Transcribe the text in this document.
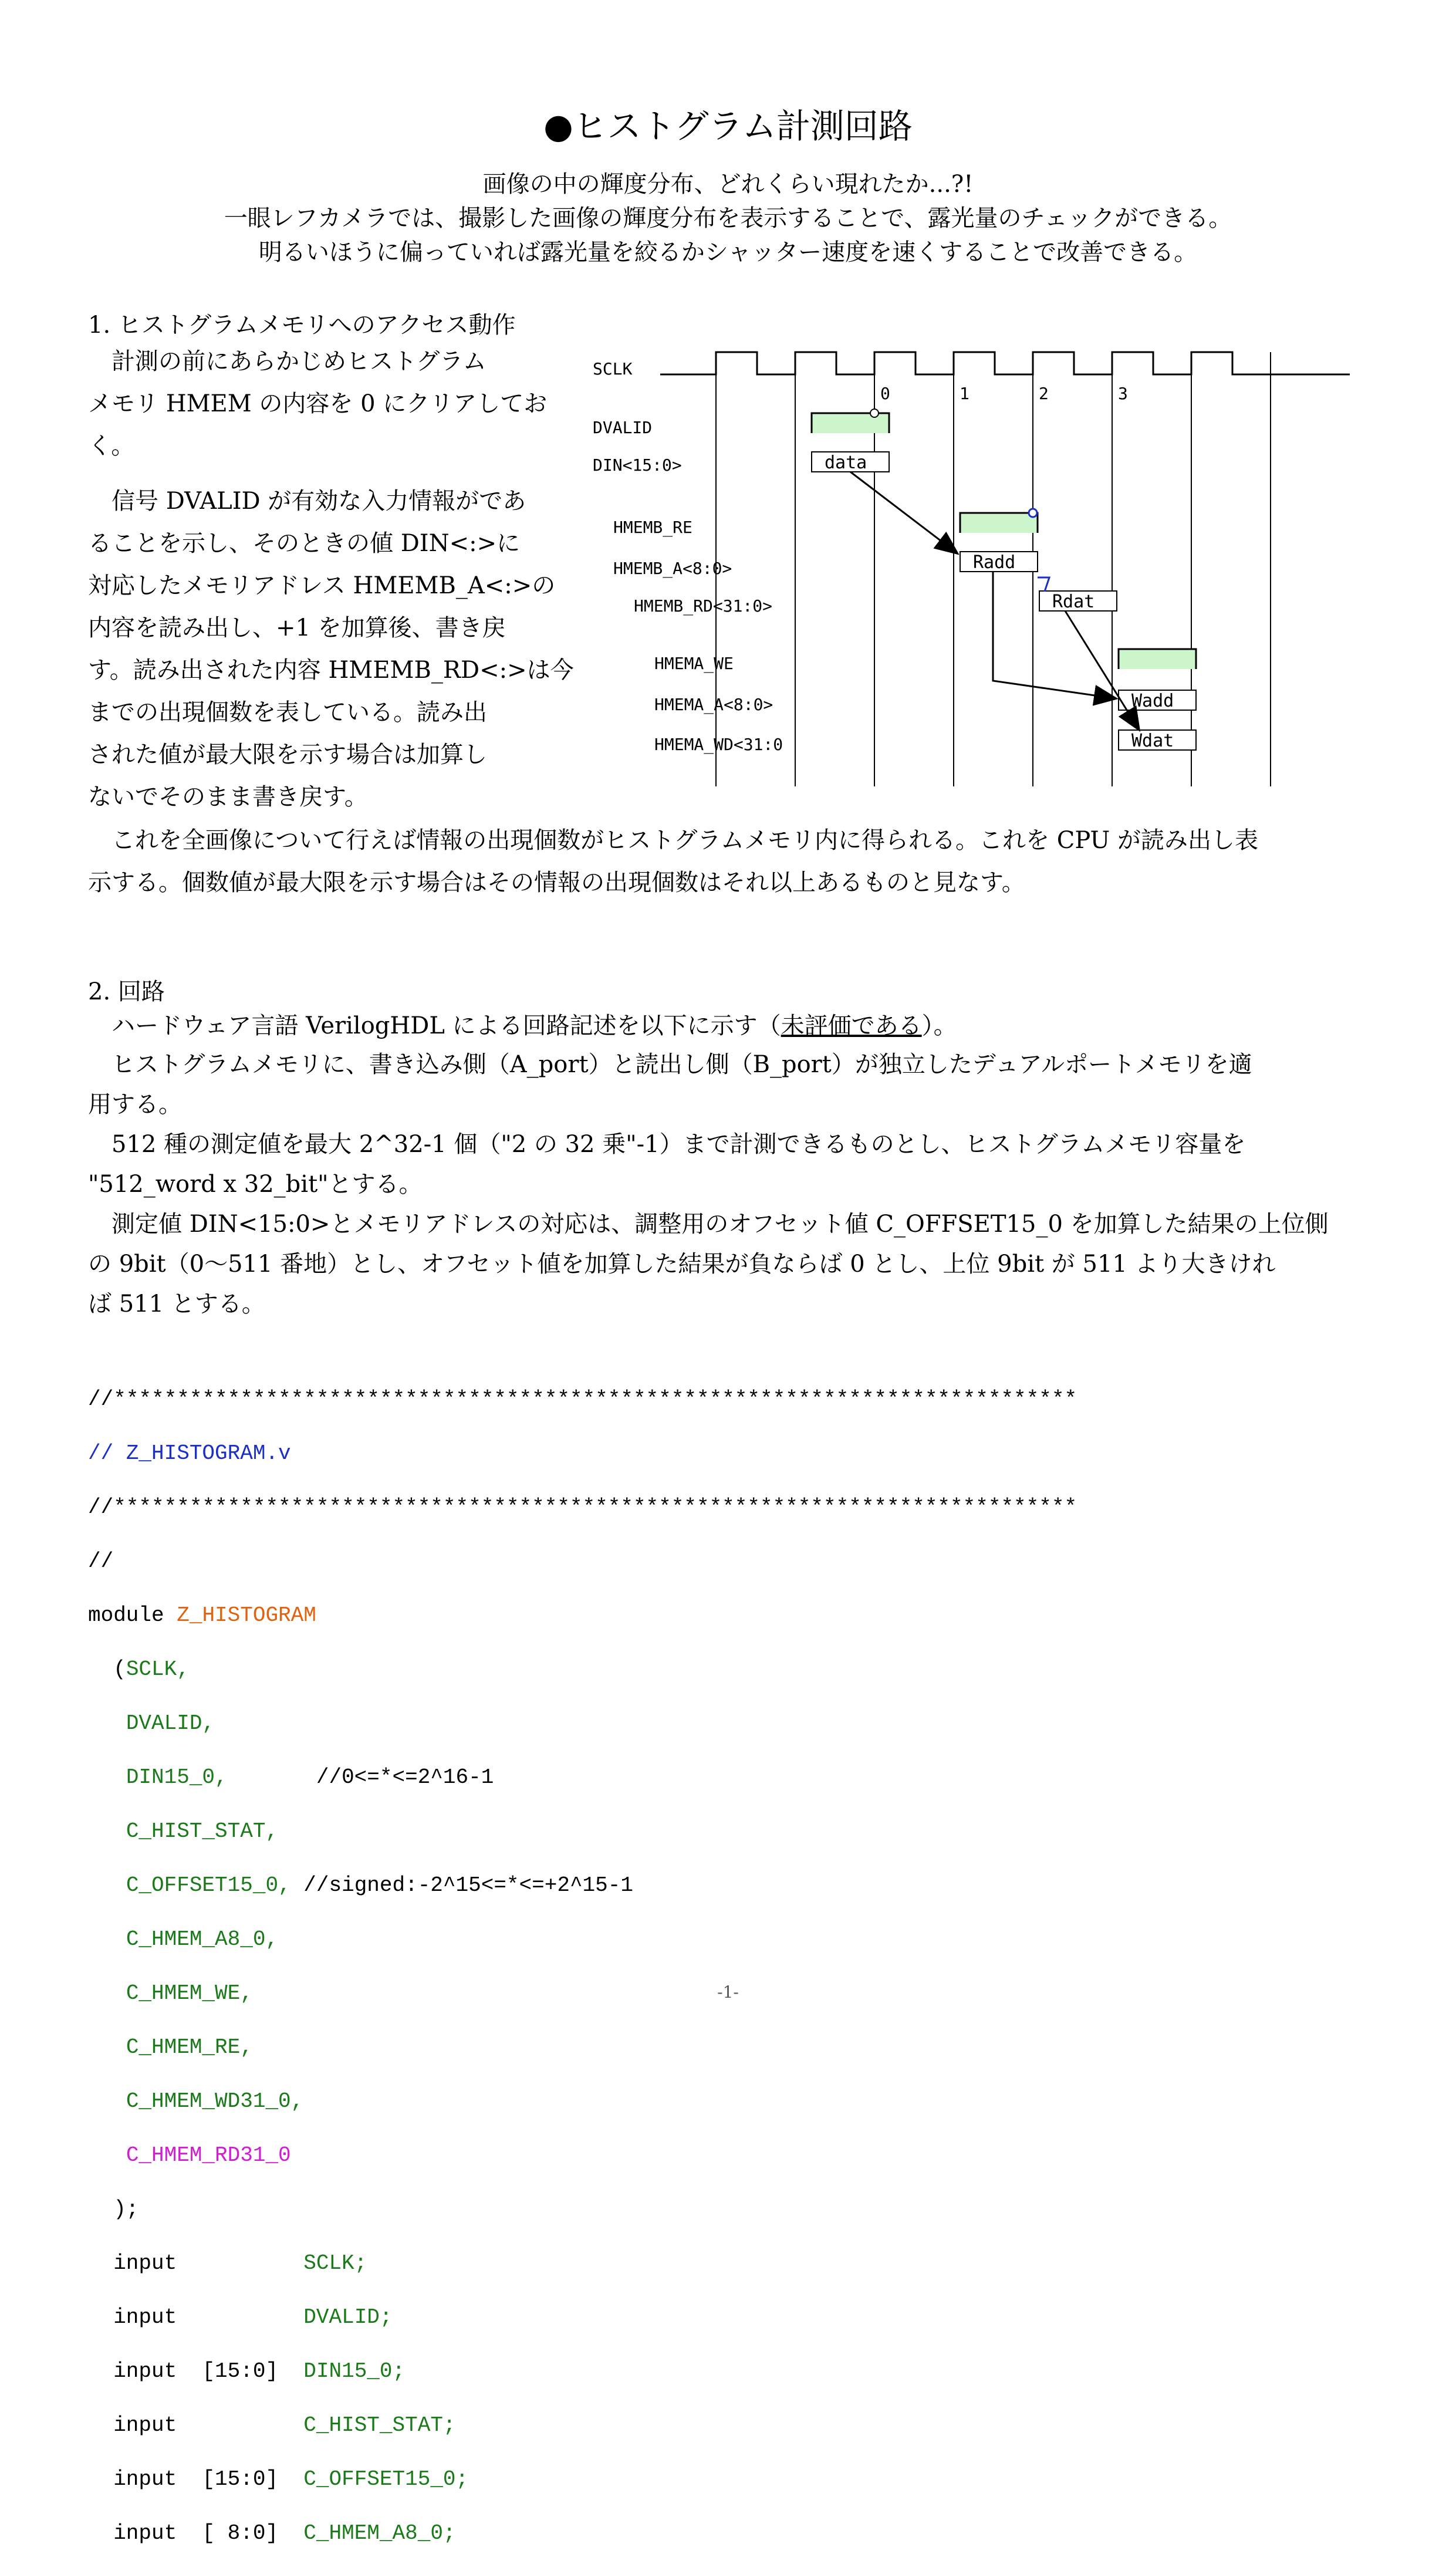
●ヒストグラム計測回路
画像の中の輝度分布、どれくらい現れたか...?!
一眼レフカメラでは、撮影した画像の輝度分布を表示することで、露光量のチェックができる。
明るいほうに偏っていれば露光量を絞るかシャッター速度を速くすることで改善できる。
1. ヒストグラムメモリへのアクセス動作
　計測の前にあらかじめヒストグラム
メモリ HMEM の内容を 0 にクリアしてお
く。
　信号 DVALID が有効な入力情報がであ
ることを示し、そのときの値 DIN<:>に
対応したメモリアドレス HMEMB_A<:>の
内容を読み出し、+1 を加算後、書き戻
す。読み出された内容 HMEMB_RD<:>は今
までの出現個数を表している。読み出
された値が最大限を示す場合は加算し
ないでそのまま書き戻す。
SCLK
DVALID
DIN<15:0>
HMEMB_RE
HMEMB_A<8:0>
HMEMB_RD<31:0>
HMEMA_WE
HMEMA_A<8:0>
HMEMA_WD<31:0
0	1	2	3
data
Radd
Rdat
Wadd
Wdat
　これを全画像について行えば情報の出現個数がヒストグラムメモリ内に得られる。これを CPU が読み出し表
示する。個数値が最大限を示す場合はその情報の出現個数はそれ以上あるものと見なす。
2. 回路
　ハードウェア言語 VerilogHDL による回路記述を以下に示す（未評価である）。
　ヒストグラムメモリに、書き込み側（A_port）と読出し側（B_port）が独立したデュアルポートメモリを適
用する。
　512 種の測定値を最大 2^32-1 個（"2 の 32 乗"-1）まで計測できるものとし、ヒストグラムメモリ容量を
"512_word x 32_bit"とする。
　測定値 DIN<15:0>とメモリアドレスの対応は、調整用のオフセット値 C_OFFSET15_0 を加算した結果の上位側
の 9bit（0～511 番地）とし、オフセット値を加算した結果が負ならば 0 とし、上位 9bit が 511 より大きけれ
ば 511 とする。

//****************************************************************************

// Z_HISTOGRAM.v

//****************************************************************************

//

module Z_HISTOGRAM

(SCLK,

DVALID,

DIN15_0,       //0<=*<=2^16-1

C_HIST_STAT,

C_OFFSET15_0, //signed:-2^15<=*<=+2^15-1

C_HMEM_A8_0,

C_HMEM_WE,

C_HMEM_RE,

C_HMEM_WD31_0,

C_HMEM_RD31_0

);

input	SCLK;

input	DVALID;

input  [15:0]  DIN15_0;

input	C_HIST_STAT;

input  [15:0]  C_OFFSET15_0;

input  [ 8:0]  C_HMEM_A8_0;

-1-
